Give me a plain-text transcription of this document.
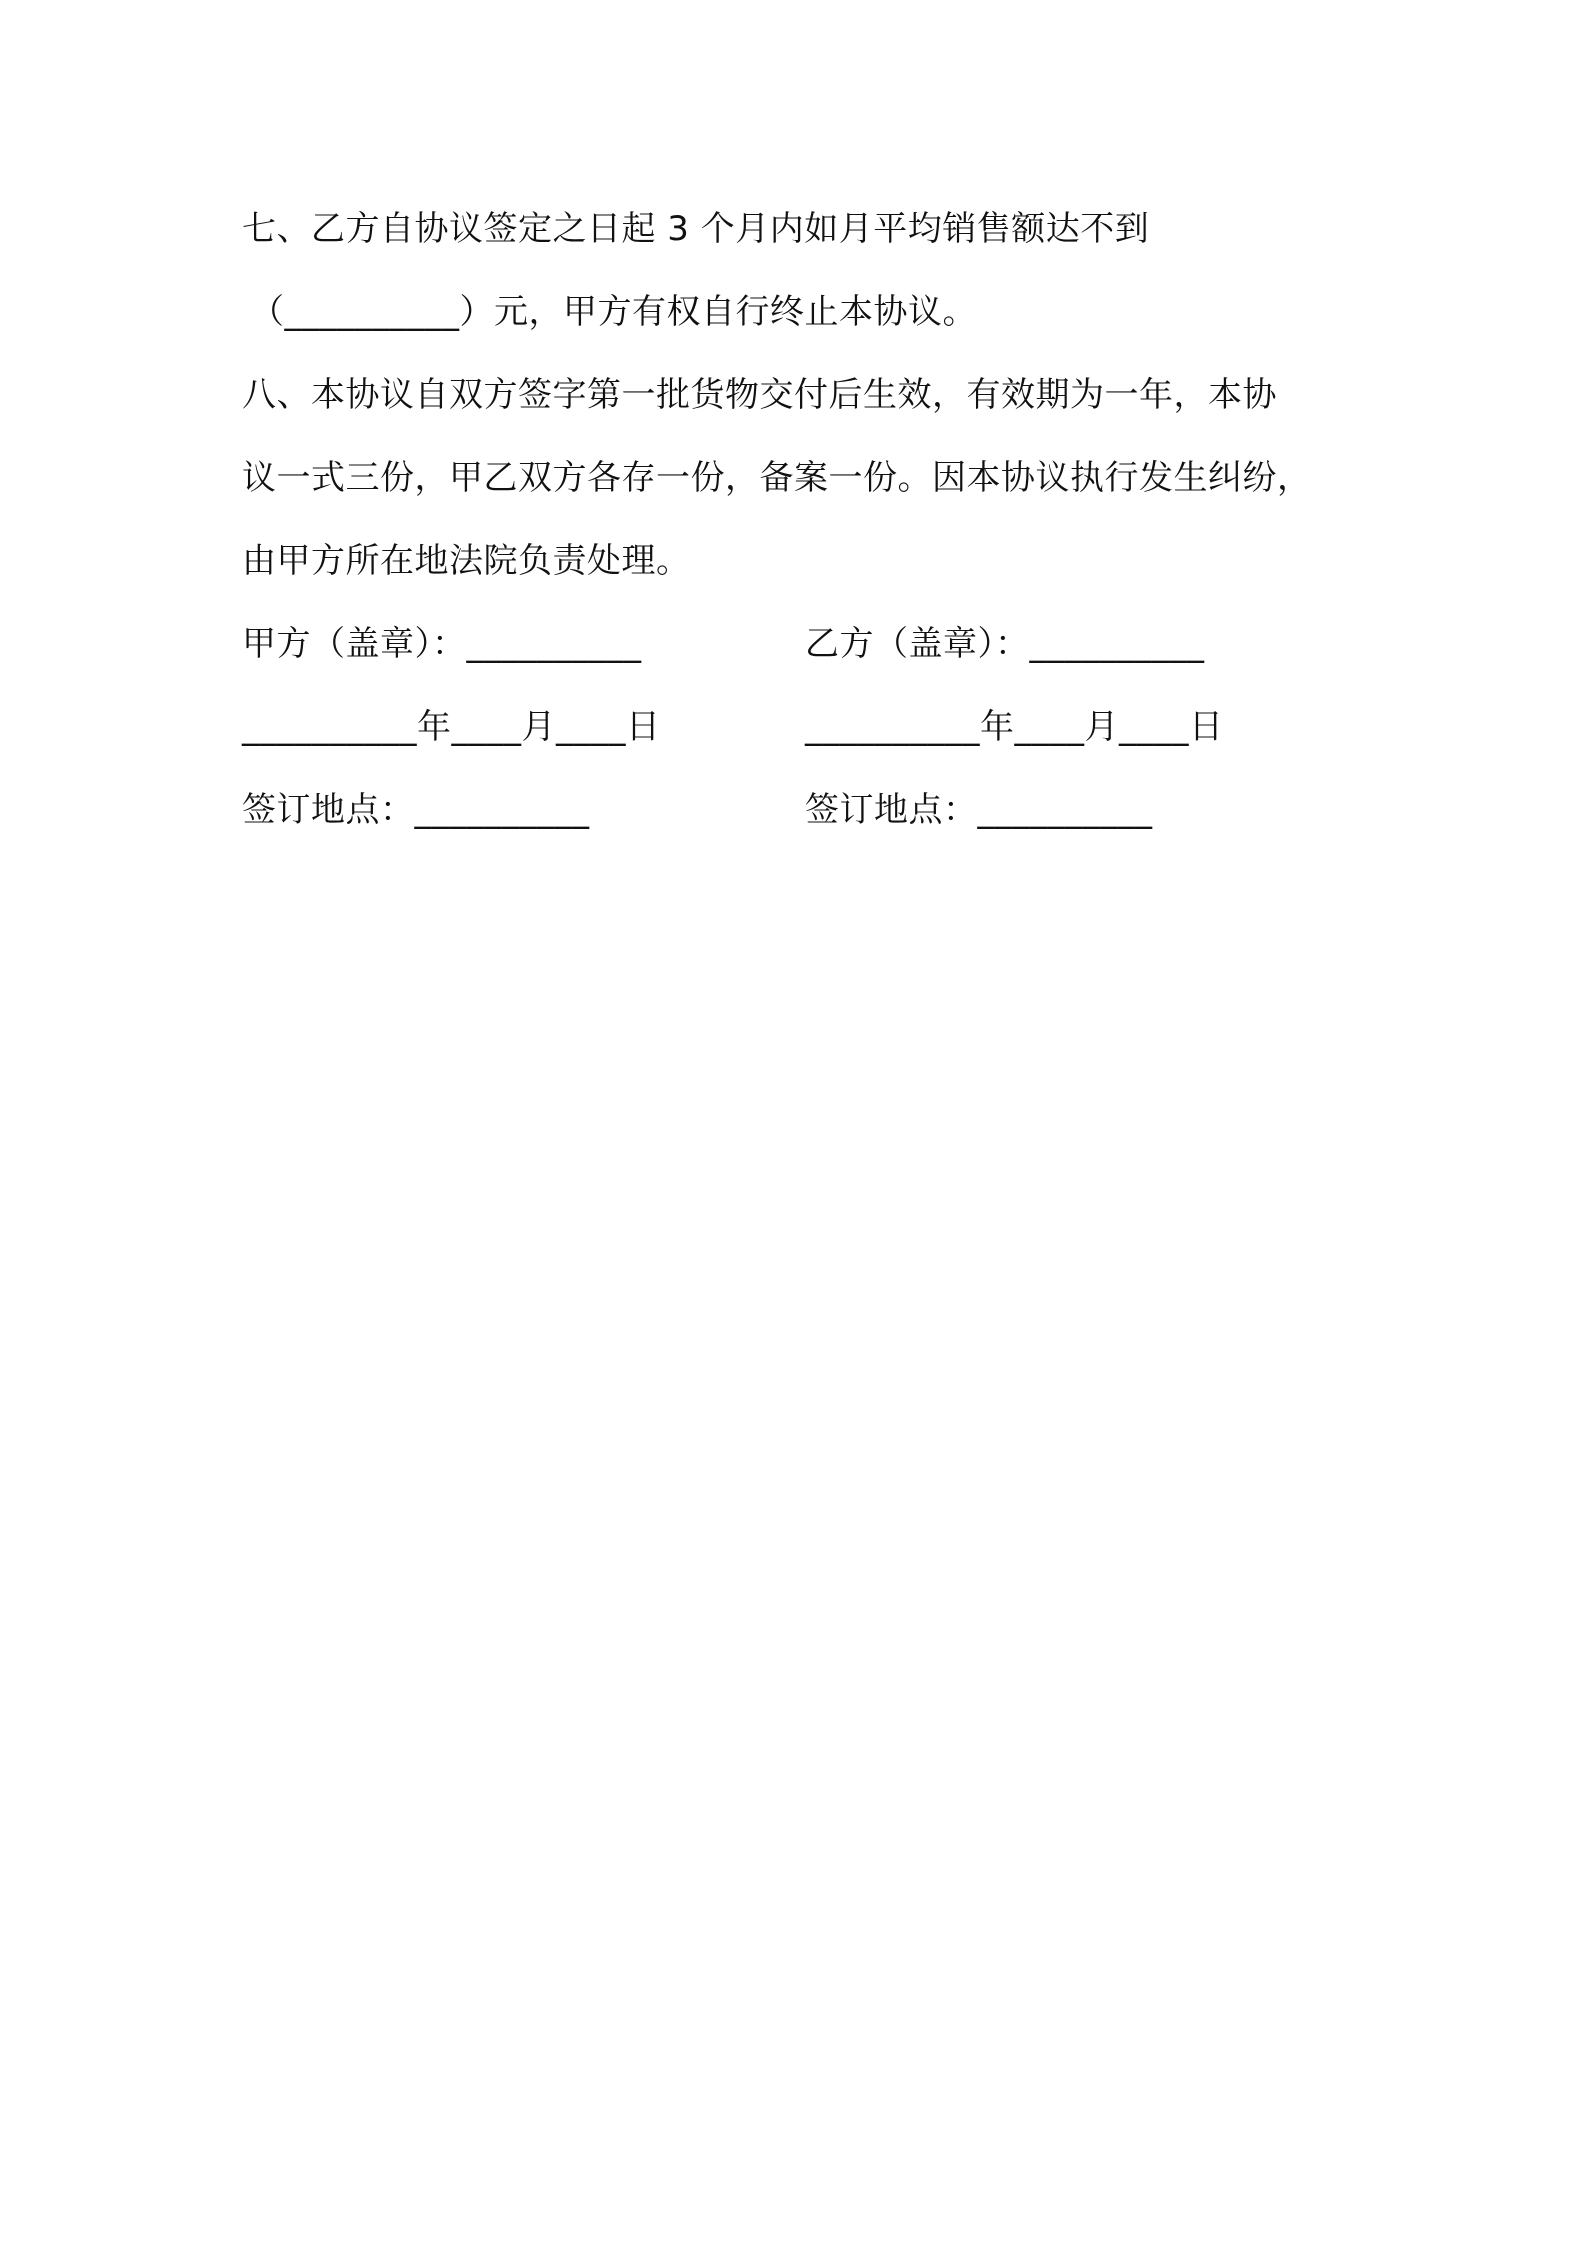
七、乙方自协议签定之日起 3 个月内如月平均销售额达不到
（__________）元，甲方有权自行终止本协议。
八、本协议自双方签字第一批货物交付后生效，有效期为一年，本协
议一式三份，甲乙双方各存一份，备案一份。因本协议执行发生纠纷，
由甲方所在地法院负责处理。
甲方（盖章）：__________	乙方（盖章）：__________
__________年____月____日	__________年____月____日
签订地点：__________	签订地点：__________
